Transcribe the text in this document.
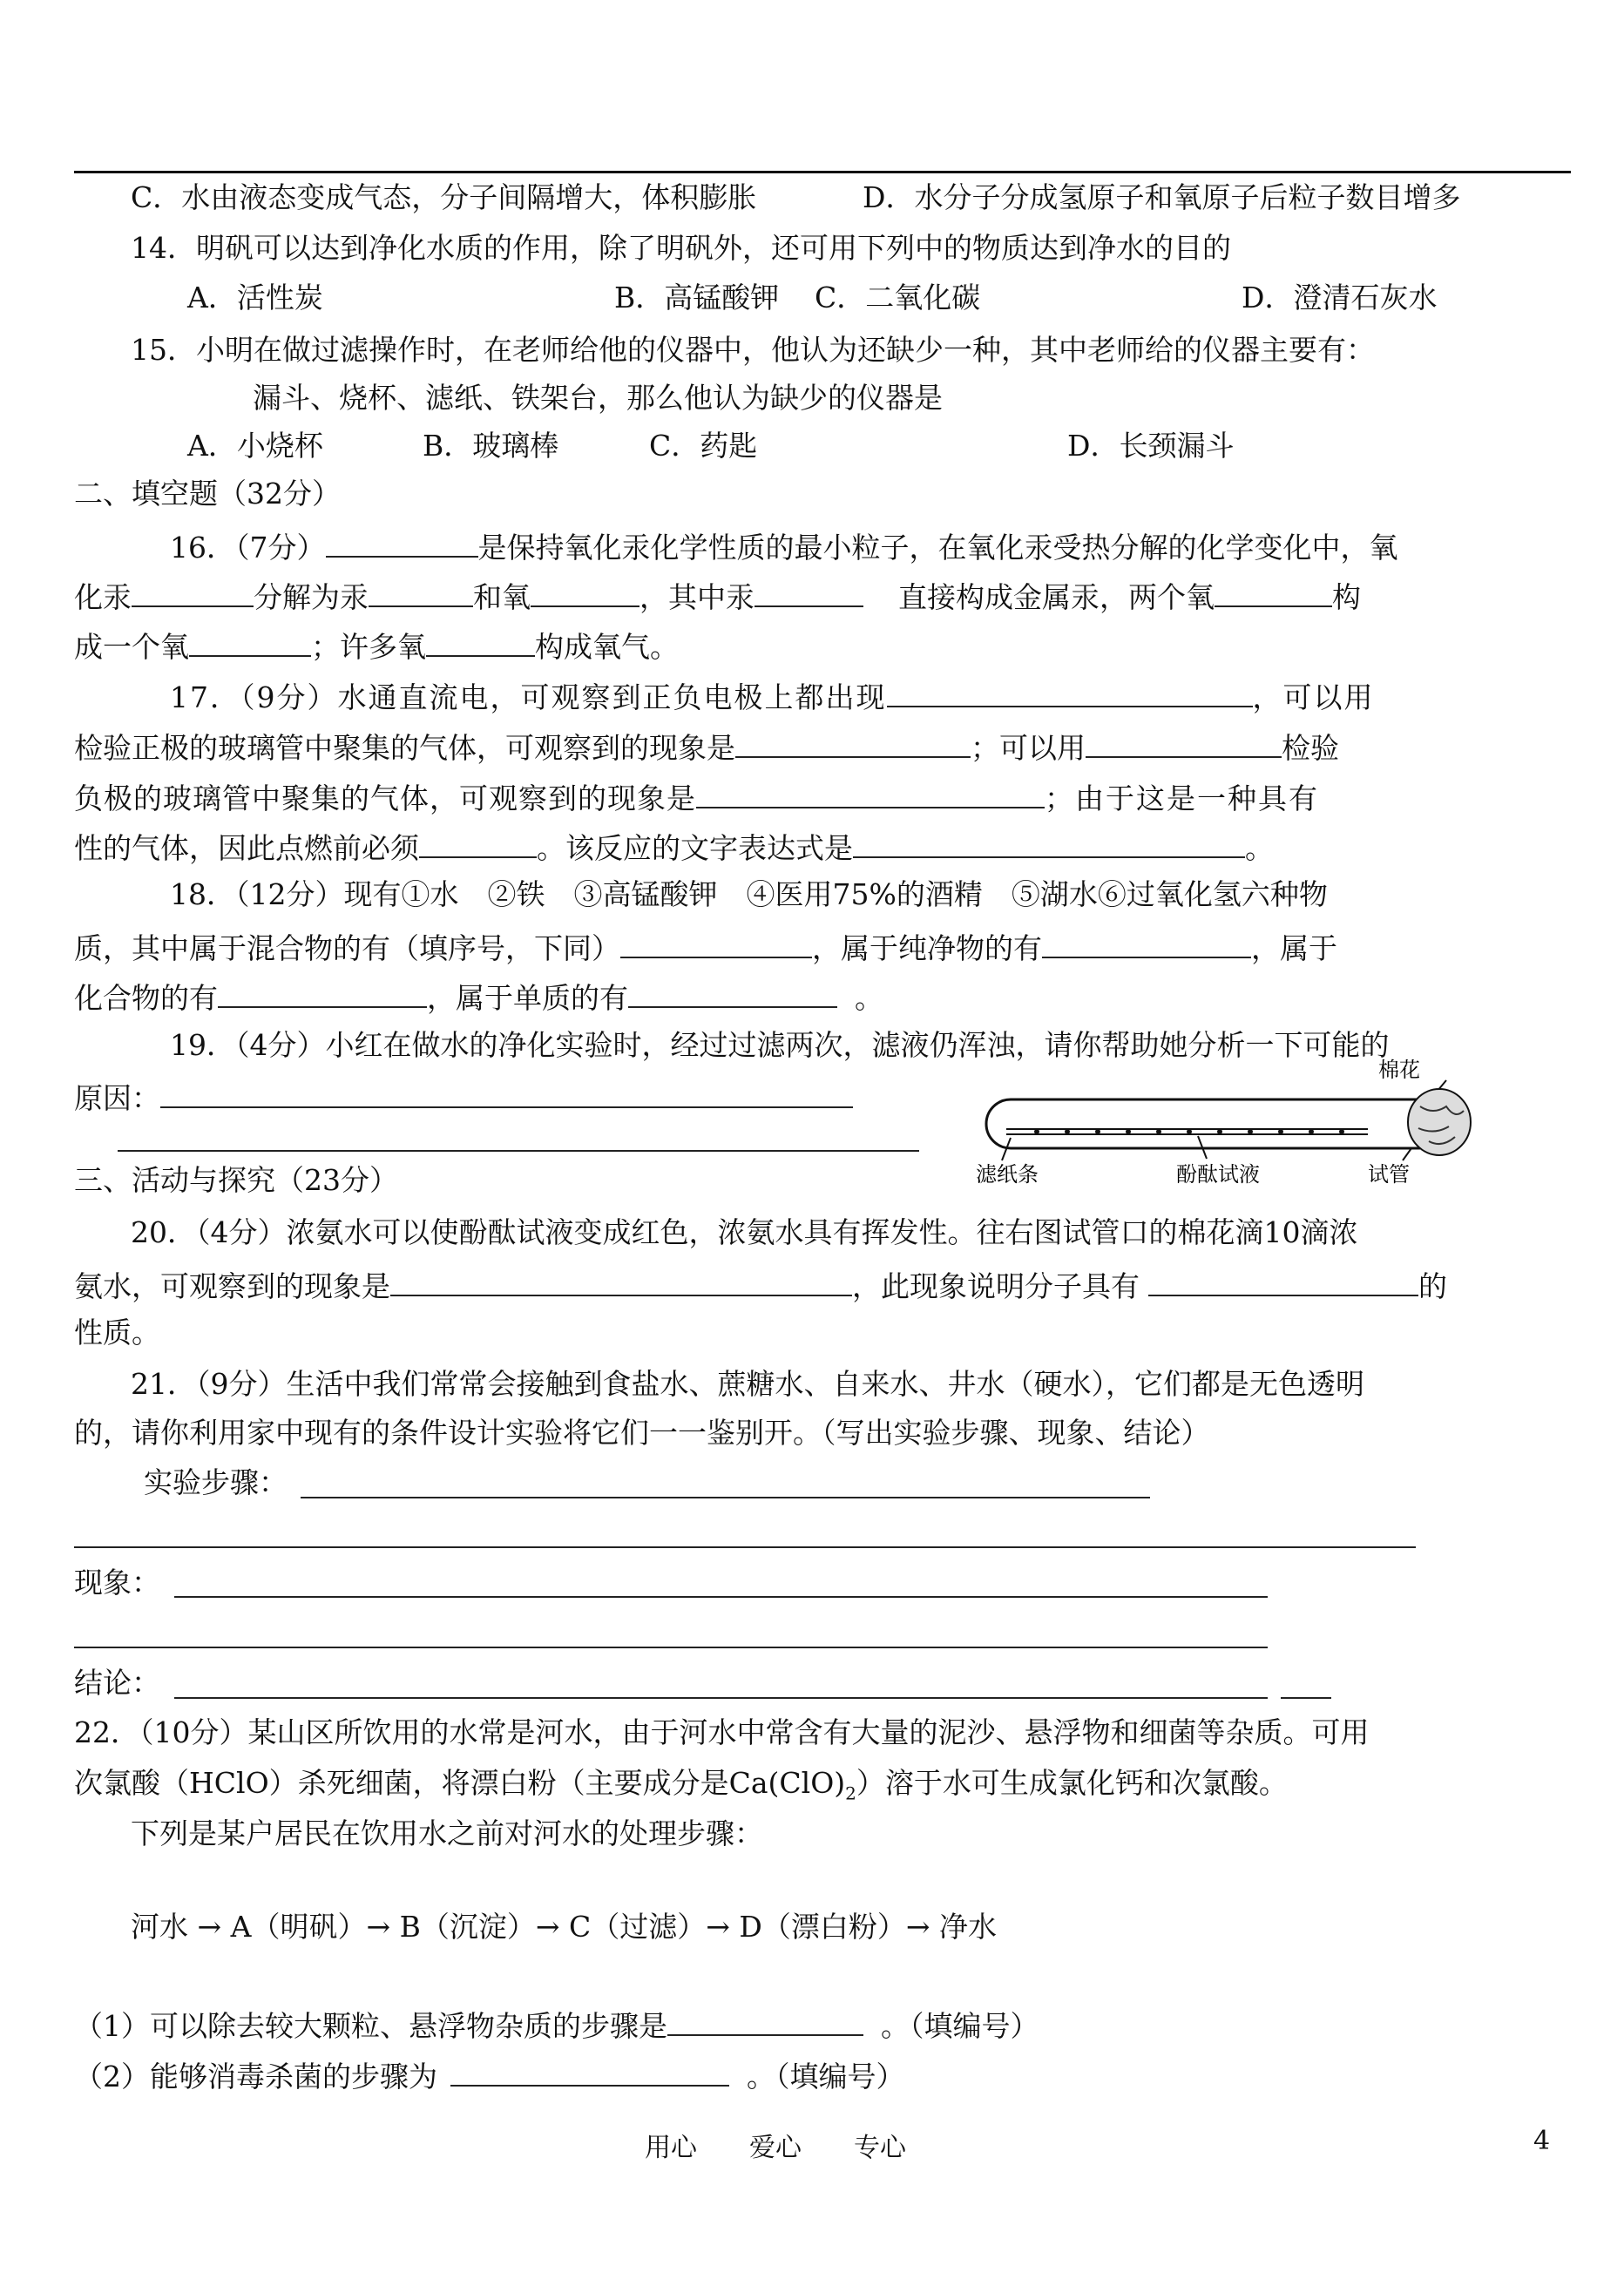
C．水由液态变成气态，分子间隔增大，体积膨胀	D．水分子分成氢原子和氧原子后粒子数目增多
14．明矾可以达到净化水质的作用，除了明矾外，还可用下列中的物质达到净水的目的
A．活性炭	B．高锰酸钾 C．二氧化碳	D．澄清石灰水
15．小明在做过滤操作时，在老师给他的仪器中，他认为还缺少一种，其中老师给的仪器主要有：
漏斗、烧杯、滤纸、铁架台，那么他认为缺少的仪器是
A．小烧杯	B．玻璃棒	C．药匙	D．长颈漏斗
二、填空题（32分）
16．（7分）	是保持氧化汞化学性质的最小粒子，在氧化汞受热分解的化学变化中，氧
化汞	分解为汞	和氧	，其中汞	直接构成金属汞，两个氧	构
成一个氧	；许多氧	构成氧气。
17．（9分）水通直流电，可观察到正负电极上都出现	，可以用
检验正极的玻璃管中聚集的气体，可观察到的现象是	；可以用	检验
负极的玻璃管中聚集的气体，可观察到的现象是	；由于这是一种具有
性的气体，因此点燃前必须	。该反应的文字表达式是	。
18．（12分）现有①水　②铁　③高锰酸钾　④医用75%的酒精　⑤湖水⑥过氧化氢六种物
质，其中属于混合物的有（填序号，下同）	，属于纯净物的有	，属于
化合物的有	，属于单质的有	。
19．（4分）小红在做水的净化实验时，经过过滤两次，滤液仍浑浊，请你帮助她分析一下可能的
原因：
棉花
滤纸条	酚酞试液	试管
三、活动与探究（23分）
20．（4分）浓氨水可以使酚酞试液变成红色，浓氨水具有挥发性。往右图试管口的棉花滴10滴浓
氨水，可观察到的现象是	，此现象说明分子具有	的
性质。
21．（9分）生活中我们常常会接触到食盐水、蔗糖水、自来水、井水（硬水），它们都是无色透明
的，请你利用家中现有的条件设计实验将它们一一鉴别开。（写出实验步骤、现象、结论）
实验步骤：
现象：
结论：
22．（10分）某山区所饮用的水常是河水，由于河水中常含有大量的泥沙、悬浮物和细菌等杂质。可用
次氯酸（HClO）杀死细菌，将漂白粉（主要成分是$Ca(ClO)_2$）溶于水可生成氯化钙和次氯酸。
下列是某户居民在饮用水之前对河水的处理步骤：
河水 → A（明矾）→ B（沉淀）→ C（过滤）→ D（漂白粉）→ 净水
（1）可以除去较大颗粒、悬浮物杂质的步骤是	。（填编号）
（2）能够消毒杀菌的步骤为	。（填编号）
用心　　爱心　　专心	4
